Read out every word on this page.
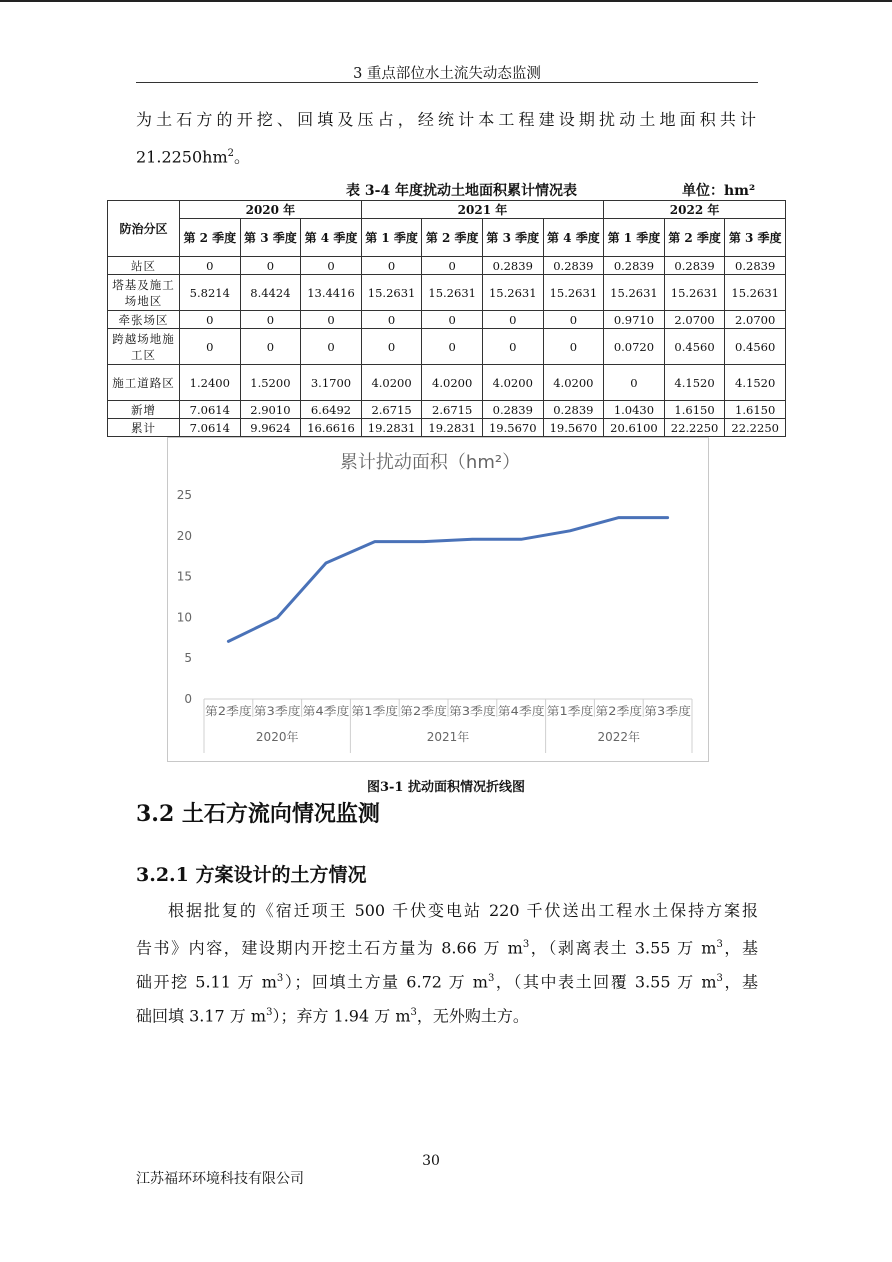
3 重点部位水土流失动态监测
为土石方的开挖、回填及压占，经统计本工程建设期扰动土地面积共计
$21.2250hm^2$。
表 3-4 年度扰动土地面积累计情况表	单位：hm²
防治分区	2020 年			2021 年				2022 年		
	第 2 季度	第 3 季度	第 4 季度	第 1 季度	第 2 季度	第 3 季度	第 4 季度	第 1 季度	第 2 季度	第 3 季度
站区	0	0	0	0	0	0.2839	0.2839	0.2839	0.2839	0.2839
塔基及施工场地区	5.8214	8.4424	13.4416	15.2631	15.2631	15.2631	15.2631	15.2631	15.2631	15.2631
牵张场区	0	0	0	0	0	0	0	0.9710	2.0700	2.0700
跨越场地施工区	0	0	0	0	0	0	0	0.0720	0.4560	0.4560
施工道路区	1.2400	1.5200	3.1700	4.0200	4.0200	4.0200	4.0200	0	4.1520	4.1520
新增	7.0614	2.9010	6.6492	2.6715	2.6715	0.2839	0.2839	1.0430	1.6150	1.6150
累计	7.0614	9.9624	16.6616	19.2831	19.2831	19.5670	19.5670	20.6100	22.2250	22.2250
累计扰动面积（hm²）
0
5
10
15
20
25
第2季度 第3季度 第4季度 第1季度 第2季度 第3季度 第4季度 第1季度 第2季度 第3季度
2020年	2021年	2022年
图3-1 扰动面积情况折线图
3.2 土石方流向情况监测
3.2.1 方案设计的土方情况
根据批复的《宿迁项王 500 千伏变电站 220 千伏送出工程水土保持方案报
告书》内容，建设期内开挖土石方量为 8.66 万 $m^3$，（剥离表土 3.55 万 $m^3$，基
础开挖 5.11 万 $m^3$）；回填土方量 6.72 万 $m^3$，（其中表土回覆 3.55 万 $m^3$，基
础回填 3.17 万 $m^3$）；弃方 1.94 万 $m^3$，无外购土方。
30
江苏福环环境科技有限公司
